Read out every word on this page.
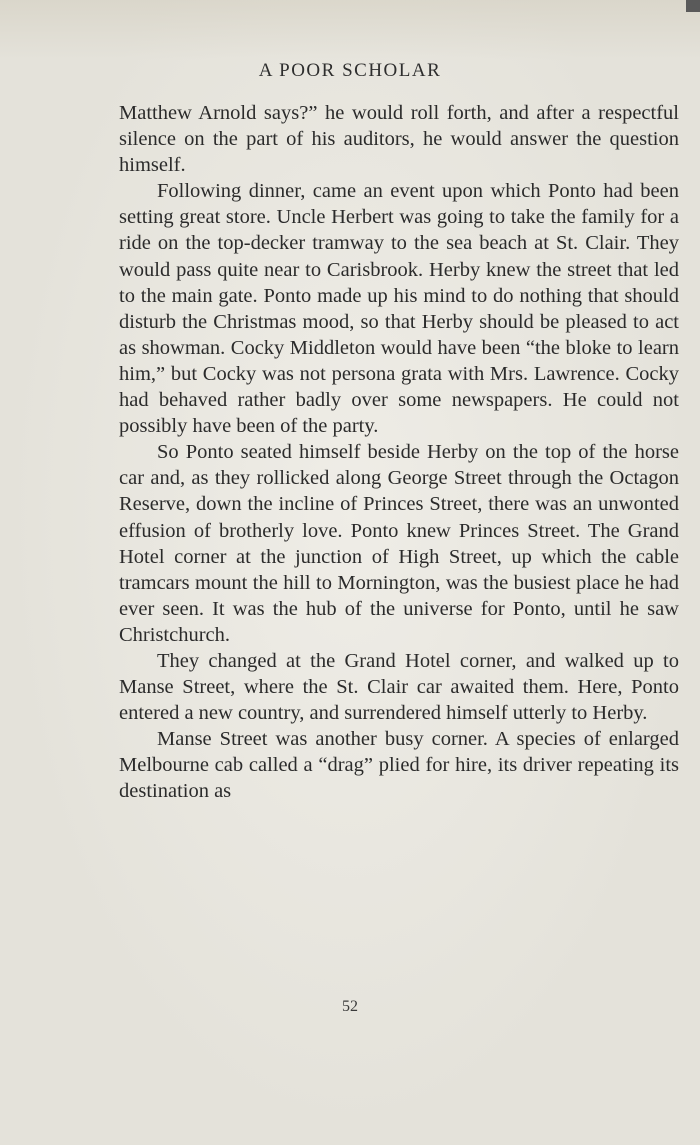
A POOR SCHOLAR

Matthew Arnold says?” he would roll forth, and after a respectful silence on the part of his auditors, he would answer the question himself.

Following dinner, came an event upon which Ponto had been setting great store. Uncle Herbert was going to take the family for a ride on the top-decker tramway to the sea beach at St. Clair. They would pass quite near to Carisbrook. Herby knew the street that led to the main gate. Ponto made up his mind to do nothing that should disturb the Christmas mood, so that Herby should be pleased to act as showman. Cocky Middleton would have been “the bloke to learn him,” but Cocky was not persona grata with Mrs. Lawrence. Cocky had behaved rather badly over some newspapers. He could not possibly have been of the party.

So Ponto seated himself beside Herby on the top of the horse car and, as they rollicked along George Street through the Octagon Reserve, down the incline of Princes Street, there was an unwonted effusion of brotherly love. Ponto knew Princes Street. The Grand Hotel corner at the junction of High Street, up which the cable tramcars mount the hill to Mornington, was the busiest place he had ever seen. It was the hub of the universe for Ponto, until he saw Christchurch.

They changed at the Grand Hotel corner, and walked up to Manse Street, where the St. Clair car awaited them. Here, Ponto entered a new country, and surrendered himself utterly to Herby.

Manse Street was another busy corner. A species of enlarged Melbourne cab called a “drag” plied for hire, its driver repeating its destination as

52
